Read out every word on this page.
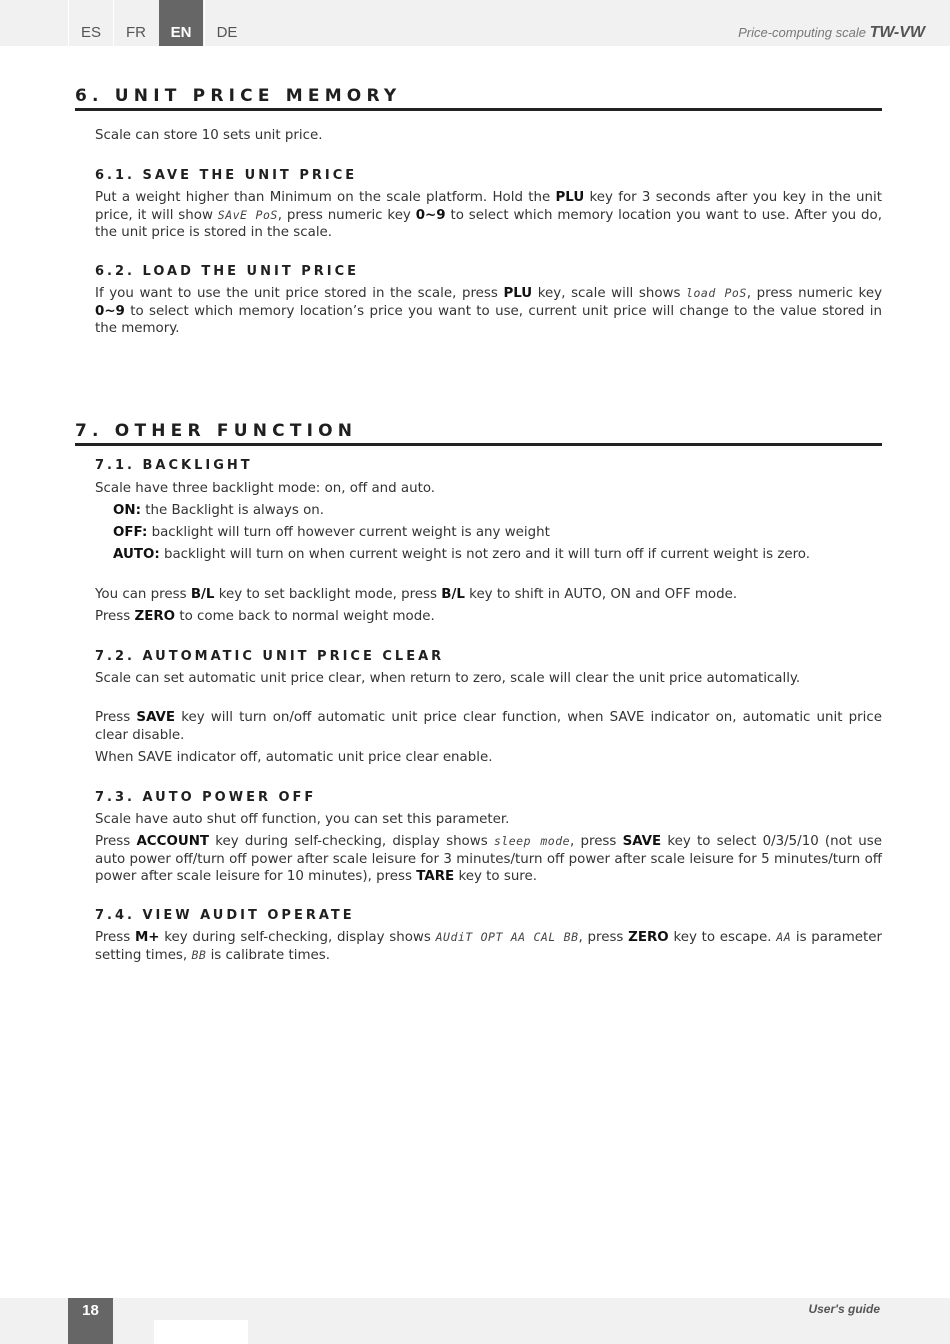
ES	FR	EN	DE	Price-computing scale TW-VW
6. UNIT PRICE MEMORY
Scale can store 10 sets unit price.
6.1. SAVE THE UNIT PRICE
Put a weight higher than Minimum on the scale platform. Hold the PLU key for 3 seconds after you key in the unit price, it will show SAvE PoS, press numeric key 0~9 to select which memory location you want to use. After you do, the unit price is stored in the scale.
6.2. LOAD THE UNIT PRICE
If you want to use the unit price stored in the scale, press PLU key, scale will shows load PoS, press numeric key 0~9 to select which memory location’s price you want to use, current unit price will change to the value stored in the memory.
7. OTHER FUNCTION
7.1. BACKLIGHT
Scale have three backlight mode: on, off and auto.
ON: the Backlight is always on.
OFF: backlight will turn off however current weight is any weight
AUTO: backlight will turn on when current weight is not zero and it will turn off if current weight is zero.
You can press B/L key to set backlight mode, press B/L key to shift in AUTO, ON and OFF mode.
Press ZERO to come back to normal weight mode.
7.2. AUTOMATIC UNIT PRICE CLEAR
Scale can set automatic unit price clear, when return to zero, scale will clear the unit price automatically.
Press SAVE key will turn on/off automatic unit price clear function, when SAVE indicator on, automatic unit price clear disable.
When SAVE indicator off, automatic unit price clear enable.
7.3. AUTO POWER OFF
Scale have auto shut off function, you can set this parameter.
Press ACCOUNT key during self-checking, display shows sleep mode, press SAVE key to select 0/3/5/10 (not use auto power off/turn off power after scale leisure for 3 minutes/turn off power after scale leisure for 5 minutes/turn off power after scale leisure for 10 minutes), press TARE key to sure.
7.4. VIEW AUDIT OPERATE
Press M+ key during self-checking, display shows AUdiT OPT AA CAL BB, press ZERO key to escape. AA is parameter setting times, BB is calibrate times.
18	User's guide
